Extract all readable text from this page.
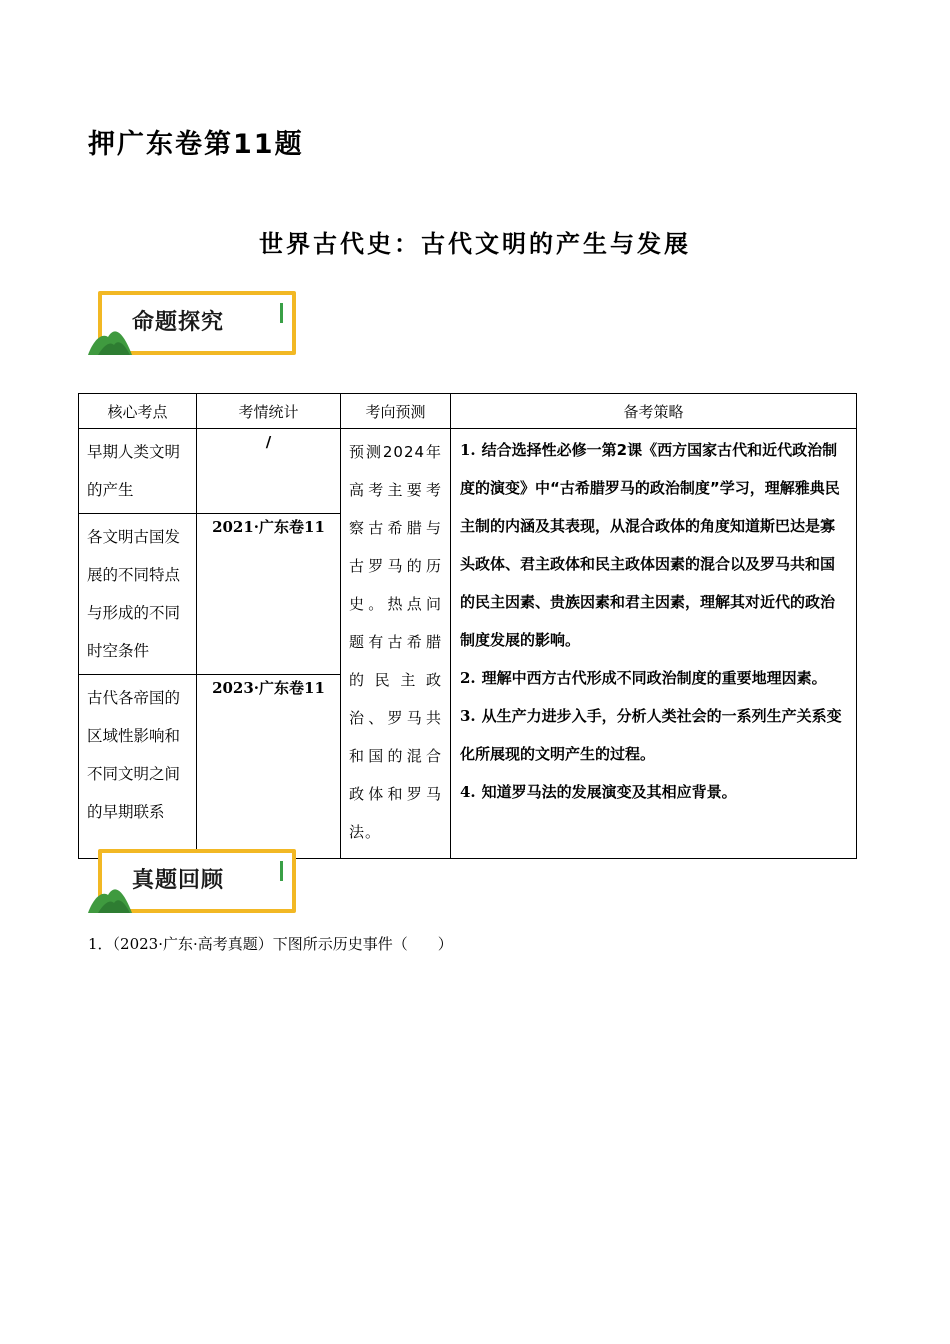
押广东卷第11题
世界古代史：古代文明的产生与发展
命题探究
核心考点	考情统计	考向预测	备考策略

早期人类文明的产生	/	预测2024年高考主要考察古希腊与古罗马的历史。热点问题有古希腊的民主政治、罗马共和国的混合政体和罗马法。	1. 结合选择性必修一第2课《西方国家古代和近代政治制度的演变》中“古希腊罗马的政治制度”学习，理解雅典民主制的内涵及其表现，从混合政体的角度知道斯巴达是寡头政体、君主政体和民主政体因素的混合以及罗马共和国的民主因素、贵族因素和君主因素，理解其对近代的政治制度发展的影响。
2. 理解中西方古代形成不同政治制度的重要地理因素。
3. 从生产力进步入手，分析人类社会的一系列生产关系变化所展现的文明产生的过程。
4. 知道罗马法的发展演变及其相应背景。

各文明古国发展的不同特点与形成的不同时空条件	2021·广东卷11		

古代各帝国的区域性影响和不同文明之间的早期联系	2023·广东卷11		
真题回顾
1．（2023·广东·高考真题）下图所示历史事件（　　）
